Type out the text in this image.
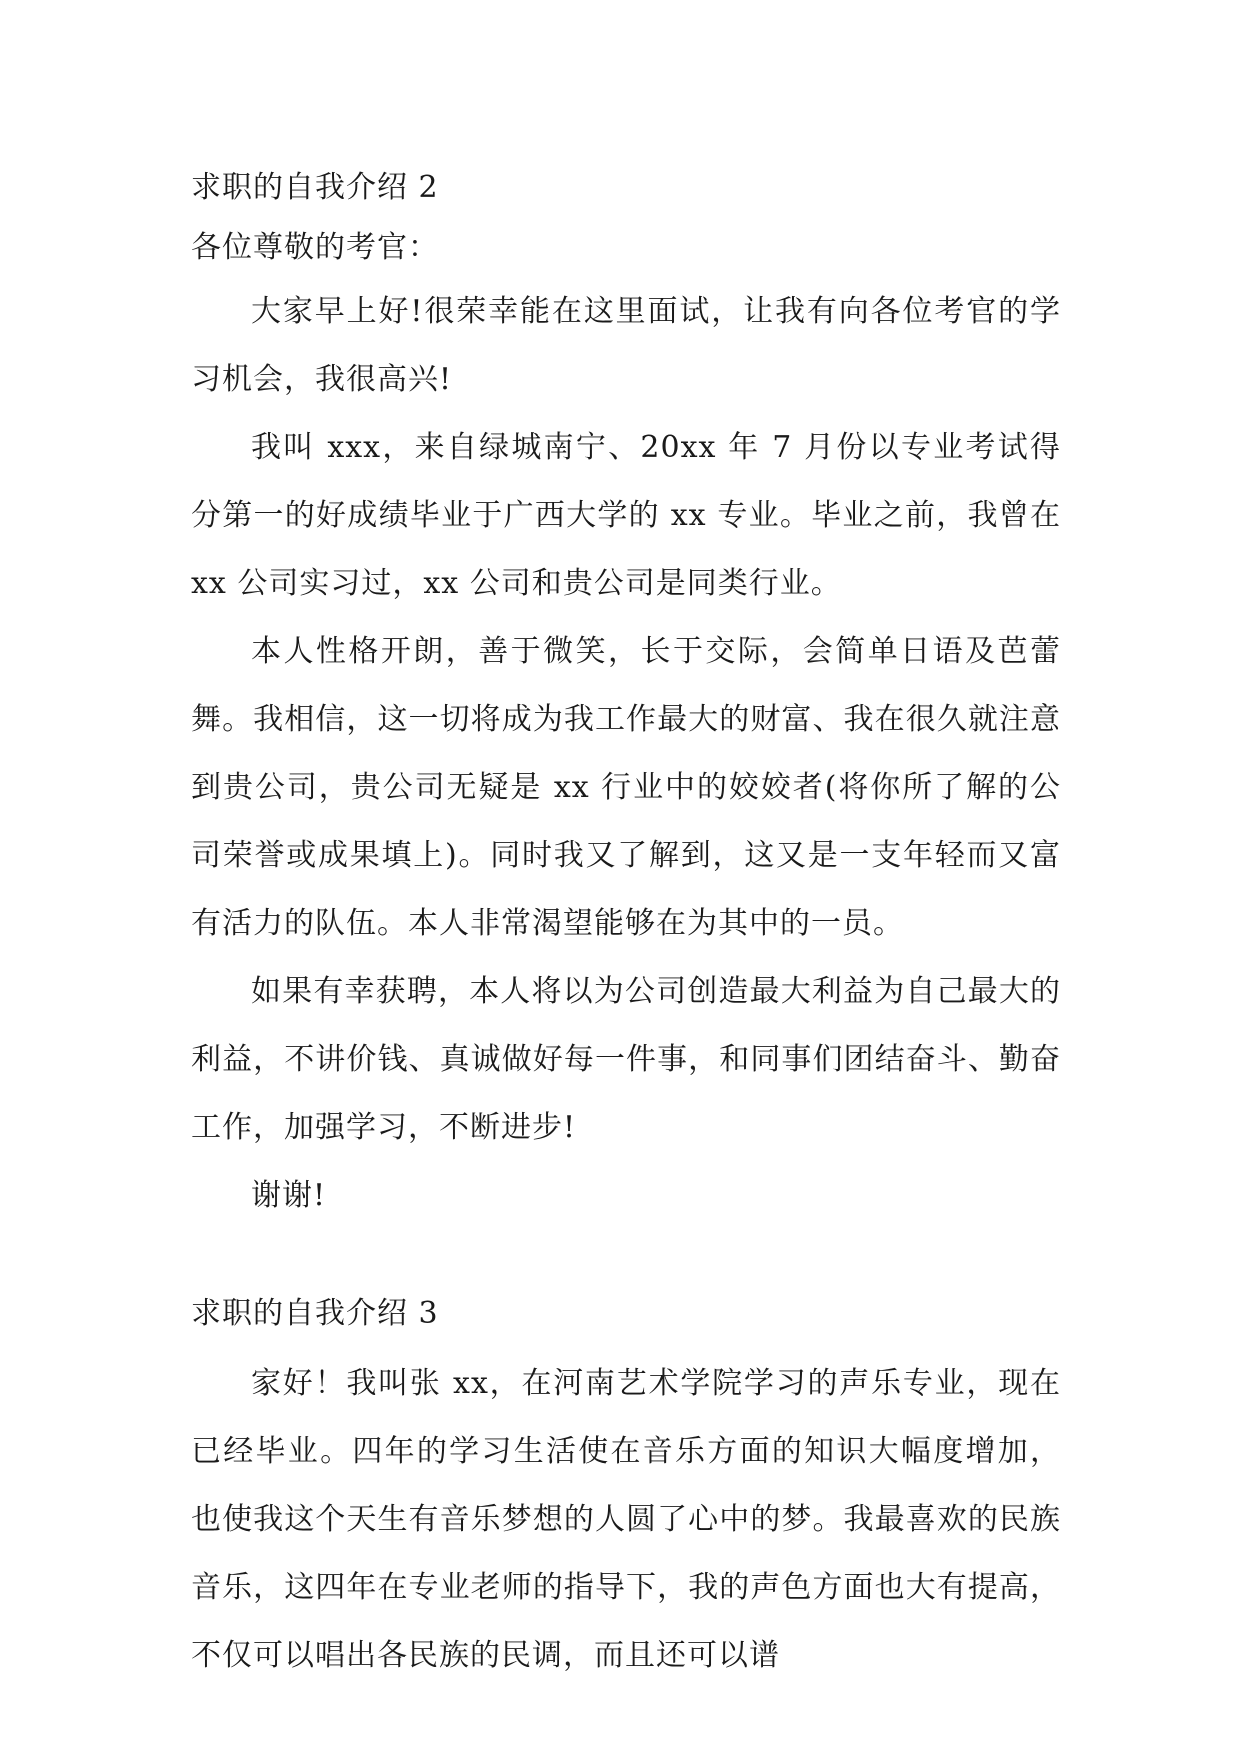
求职的自我介绍 2
各位尊敬的考官：

大家早上好!很荣幸能在这里面试，让我有向各位考官的学习机会，我很高兴!

我叫 xxx，来自绿城南宁、20xx 年 7 月份以专业考试得分第一的好成绩毕业于广西大学的 xx 专业。毕业之前，我曾在 xx 公司实习过，xx 公司和贵公司是同类行业。

本人性格开朗，善于微笑，长于交际，会简单日语及芭蕾舞。我相信，这一切将成为我工作最大的财富、我在很久就注意到贵公司，贵公司无疑是 xx 行业中的姣姣者(将你所了解的公司荣誉或成果填上)。同时我又了解到，这又是一支年轻而又富有活力的队伍。本人非常渴望能够在为其中的一员。

如果有幸获聘，本人将以为公司创造最大利益为自己最大的利益，不讲价钱、真诚做好每一件事，和同事们团结奋斗、勤奋工作，加强学习，不断进步!

谢谢!

求职的自我介绍 3

家好！我叫张 xx，在河南艺术学院学习的声乐专业，现在已经毕业。四年的学习生活使在音乐方面的知识大幅度增加， 也使我这个天生有音乐梦想的人圆了心中的梦。我最喜欢的民族音乐，这四年在专业老师的指导下，我的声色方面也大有提高，不仅可以唱出各民族的民调，而且还可以谱
